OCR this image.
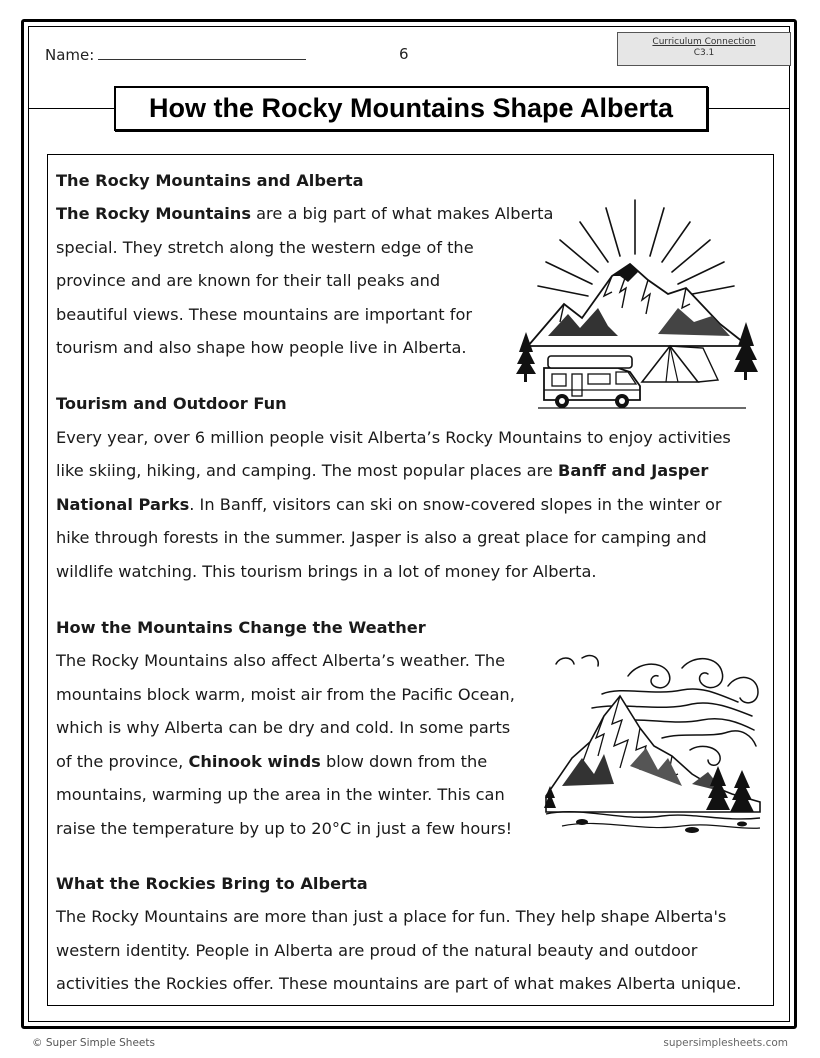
Name:	6
Curriculum Connection
C3.1
How the Rocky Mountains Shape Alberta
The Rocky Mountains and Alberta
The Rocky Mountains are a big part of what makes Alberta
special. They stretch along the western edge of the
province and are known for their tall peaks and
beautiful views. These mountains are important for
tourism and also shape how people live in Alberta.
Tourism and Outdoor Fun
Every year, over 6 million people visit Alberta’s Rocky Mountains to enjoy activities
like skiing, hiking, and camping. The most popular places are Banff and Jasper
National Parks. In Banff, visitors can ski on snow-covered slopes in the winter or
hike through forests in the summer. Jasper is also a great place for camping and
wildlife watching. This tourism brings in a lot of money for Alberta.
How the Mountains Change the Weather
The Rocky Mountains also affect Alberta’s weather. The
mountains block warm, moist air from the Pacific Ocean,
which is why Alberta can be dry and cold. In some parts
of the province, Chinook winds blow down from the
mountains, warming up the area in the winter. This can
raise the temperature by up to 20°C in just a few hours!
What the Rockies Bring to Alberta
The Rocky Mountains are more than just a place for fun. They help shape Alberta's
western identity. People in Alberta are proud of the natural beauty and outdoor
activities the Rockies offer. These mountains are part of what makes Alberta unique.
© Super Simple Sheets	supersimplesheets.com
